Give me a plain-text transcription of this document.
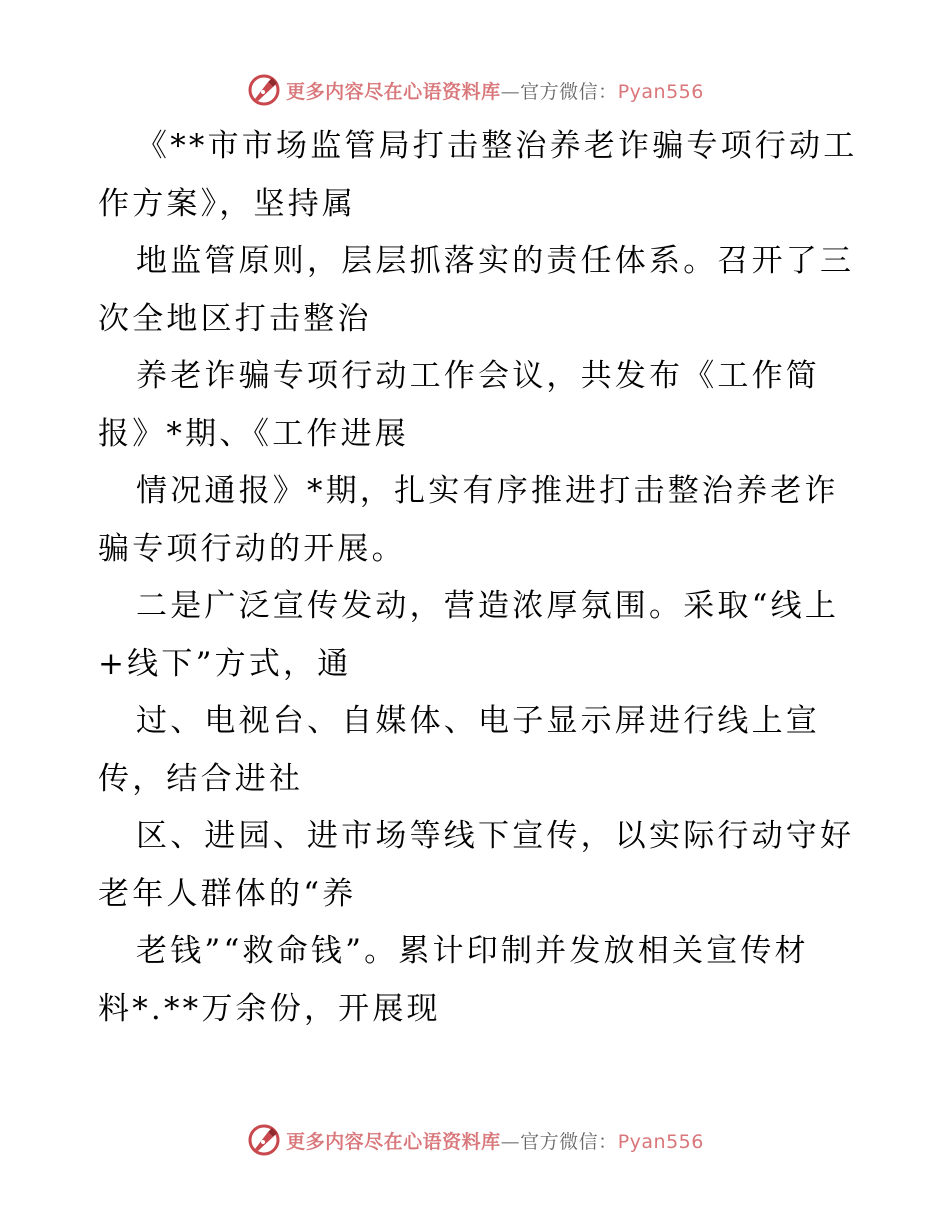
更多内容尽在心语资料库—官方微信：Pyan556
《**市市场监管局打击整治养老诈骗专项行动工
作方案》，坚持属
地监管原则，层层抓落实的责任体系。召开了三
次全地区打击整治
养老诈骗专项行动工作会议，共发布《工作简
报》*期、《工作进展
情况通报》*期，扎实有序推进打击整治养老诈
骗专项行动的开展。
二是广泛宣传发动，营造浓厚氛围。采取“线上
+线下”方式，通
过、电视台、自媒体、电子显示屏进行线上宣
传，结合进社
区、进园、进市场等线下宣传，以实际行动守好
老年人群体的“养
老钱”“救命钱”。累计印制并发放相关宣传材
料*.**万余份，开展现
更多内容尽在心语资料库—官方微信：Pyan556
